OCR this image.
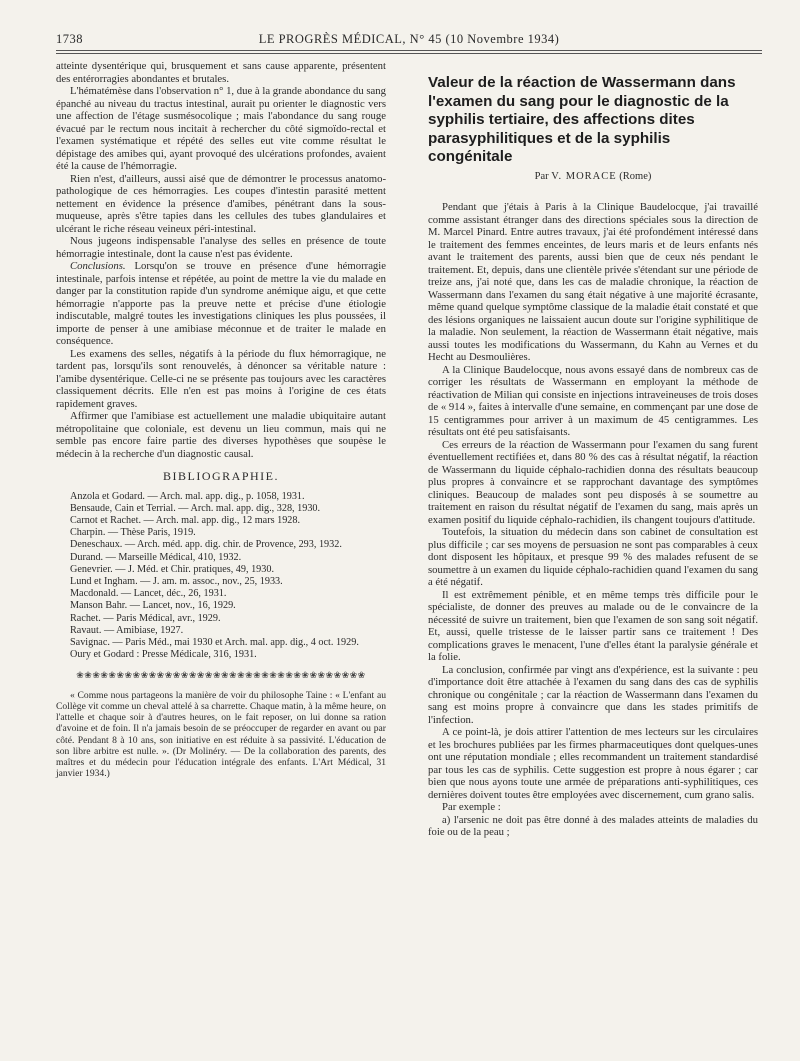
1738	LE PROGRÈS MÉDICAL, N° 45 (10 Novembre 1934)

atteinte dysentérique qui, brusquement et sans cause apparente, présentent des entérorragies abondantes et brutales.

L'hématémèse dans l'observation n° 1, due à la grande abondance du sang épanché au niveau du tractus intestinal, aurait pu orienter le diagnostic vers une affection de l'étage susmésocolique ; mais l'abondance du sang rouge évacué par le rectum nous incitait à rechercher du côté sigmoïdo-rectal et l'examen systématique et répété des selles eut vite comme résultat le dépistage des amibes qui, ayant provoqué des ulcérations profondes, avaient été la cause de l'hémorragie.

Rien n'est, d'ailleurs, aussi aisé que de démontrer le processus anatomo-pathologique de ces hémorragies. Les coupes d'intestin parasité mettent nettement en évidence la présence d'amibes, pénétrant dans la sous-muqueuse, après s'être tapies dans les cellules des tubes glandulaires et ulcérant le riche réseau veineux péri-intestinal.

Nous jugeons indispensable l'analyse des selles en présence de toute hémorragie intestinale, dont la cause n'est pas évidente.

Conclusions. Lorsqu'on se trouve en présence d'une hémorragie intestinale, parfois intense et répétée, au point de mettre la vie du malade en danger par la constitution rapide d'un syndrome anémique aigu, et que cette hémorragie n'apporte pas la preuve nette et précise d'une étiologie indiscutable, malgré toutes les investigations cliniques les plus poussées, il importe de penser à une amibiase méconnue et de traiter le malade en conséquence.

Les examens des selles, négatifs à la période du flux hémorragique, ne tardent pas, lorsqu'ils sont renouvelés, à dénoncer sa véritable nature : l'amibe dysentérique. Celle-ci ne se présente pas toujours avec les caractères classiquement décrits. Elle n'en est pas moins à l'origine de ces états rapidement graves.

Affirmer que l'amibiase est actuellement une maladie ubiquitaire autant métropolitaine que coloniale, est devenu un lieu commun, mais qui ne semble pas encore faire partie des diverses hypothèses que soupèse le médecin à la recherche d'un diagnostic causal.

BIBLIOGRAPHIE.
Anzola et Godard. — Arch. mal. app. dig., p. 1058, 1931.
Bensaude, Cain et Terrial. — Arch. mal. app. dig., 328, 1930.
Carnot et Rachet. — Arch. mal. app. dig., 12 mars 1928.
Charpin. — Thèse Paris, 1919.
Deneschaux. — Arch. méd. app. dig. chir. de Provence, 293, 1932.
Durand. — Marseille Médical, 410, 1932.
Genevrier. — J. Méd. et Chir. pratiques, 49, 1930.
Lund et Ingham. — J. am. m. assoc., nov., 25, 1933.
Macdonald. — Lancet, déc., 26, 1931.
Manson Bahr. — Lancet, nov., 16, 1929.
Rachet. — Paris Médical, avr., 1929.
Ravaut. — Amibiase, 1927.
Savignac. — Paris Méd., mai 1930 et Arch. mal. app. dig., 4 oct. 1929.
Oury et Godard : Presse Médicale, 316, 1931.
❀❀❀❀❀❀❀❀❀❀❀❀❀❀❀❀❀❀❀❀❀❀❀❀❀❀❀❀❀❀❀❀❀❀❀❀

« Comme nous partageons la manière de voir du philosophe Taine : « L'enfant au Collège vit comme un cheval attelé à sa charrette. Chaque matin, à la même heure, on l'attelle et chaque soir à d'autres heures, on le fait reposer, on lui donne sa ration d'avoine et de foin. Il n'a jamais besoin de se préoccuper de regarder en avant ou par côté. Pendant 8 à 10 ans, son initiative en est réduite à sa passivité. L'éducation de son libre arbitre est nulle. ». (Dr Molinéry. — De la collaboration des parents, des maîtres et du médecin pour l'éducation intégrale des enfants. L'Art Médical, 31 janvier 1934.)

Valeur de la réaction de Wassermann dans l'examen du sang pour le diagnostic de la syphilis tertiaire, des affections dites parasyphilitiques et de la syphilis congénitale
Par V. MORACE (Rome)

Pendant que j'étais à Paris à la Clinique Baudelocque, j'ai travaillé comme assistant étranger dans des directions spéciales sous la direction de M. Marcel Pinard. Entre autres travaux, j'ai été profondément intéressé dans le traitement des femmes enceintes, de leurs maris et de leurs enfants nés avant le traitement des parents, aussi bien que de ceux nés pendant le traitement. Et, depuis, dans une clientèle privée s'étendant sur une période de treize ans, j'ai noté que, dans les cas de maladie chronique, la réaction de Wassermann dans l'examen du sang était négative à une majorité écrasante, même quand quelque symptôme classique de la maladie était constaté et que des lésions organiques ne laissaient aucun doute sur l'origine syphilitique de la maladie. Non seulement, la réaction de Wassermann était négative, mais aussi toutes les modifications du Wassermann, du Kahn au Vernes et du Hecht au Desmoulières.

A la Clinique Baudelocque, nous avons essayé dans de nombreux cas de corriger les résultats de Wassermann en employant la méthode de réactivation de Milian qui consiste en injections intraveineuses de trois doses de « 914 », faites à intervalle d'une semaine, en commençant par une dose de 15 centigrammes pour arriver à un maximum de 45 centigrammes. Les résultats ont été peu satisfaisants.

Ces erreurs de la réaction de Wassermann pour l'examen du sang furent éventuellement rectifiées et, dans 80 % des cas à résultat négatif, la réaction de Wassermann du liquide céphalo-rachidien donna des résultats beaucoup plus propres à convaincre et se rapprochant davantage des symptômes cliniques. Beaucoup de malades sont peu disposés à se soumettre au traitement en raison du résultat négatif de l'examen du sang, mais après un examen positif du liquide céphalo-rachidien, ils changent toujours d'attitude.

Toutefois, la situation du médecin dans son cabinet de consultation est plus difficile ; car ses moyens de persuasion ne sont pas comparables à ceux dont disposent les hôpitaux, et presque 99 % des malades refusent de se soumettre à un examen du liquide céphalo-rachidien quand l'examen du sang a été négatif.

Il est extrêmement pénible, et en même temps très difficile pour le spécialiste, de donner des preuves au malade ou de le convaincre de la nécessité de suivre un traitement, bien que l'examen de son sang soit négatif. Et, aussi, quelle tristesse de le laisser partir sans ce traitement ! Des complications graves le menacent, l'une d'elles étant la paralysie générale et la folie.

La conclusion, confirmée par vingt ans d'expérience, est la suivante : peu d'importance doit être attachée à l'examen du sang dans des cas de syphilis chronique ou congénitale ; car la réaction de Wassermann dans l'examen du sang est moins propre à convaincre que dans les stades primitifs de l'infection.

A ce point-là, je dois attirer l'attention de mes lecteurs sur les circulaires et les brochures publiées par les firmes pharmaceutiques dont quelques-unes ont une réputation mondiale ; elles recommandent un traitement standardisé par tous les cas de syphilis. Cette suggestion est propre à nous égarer ; car bien que nous ayons toute une armée de préparations anti-syphilitiques, ces dernières doivent toutes être employées avec discernement, cum grano salis.

Par exemple :

a) l'arsenic ne doit pas être donné à des malades atteints de maladies du foie ou de la peau ;
